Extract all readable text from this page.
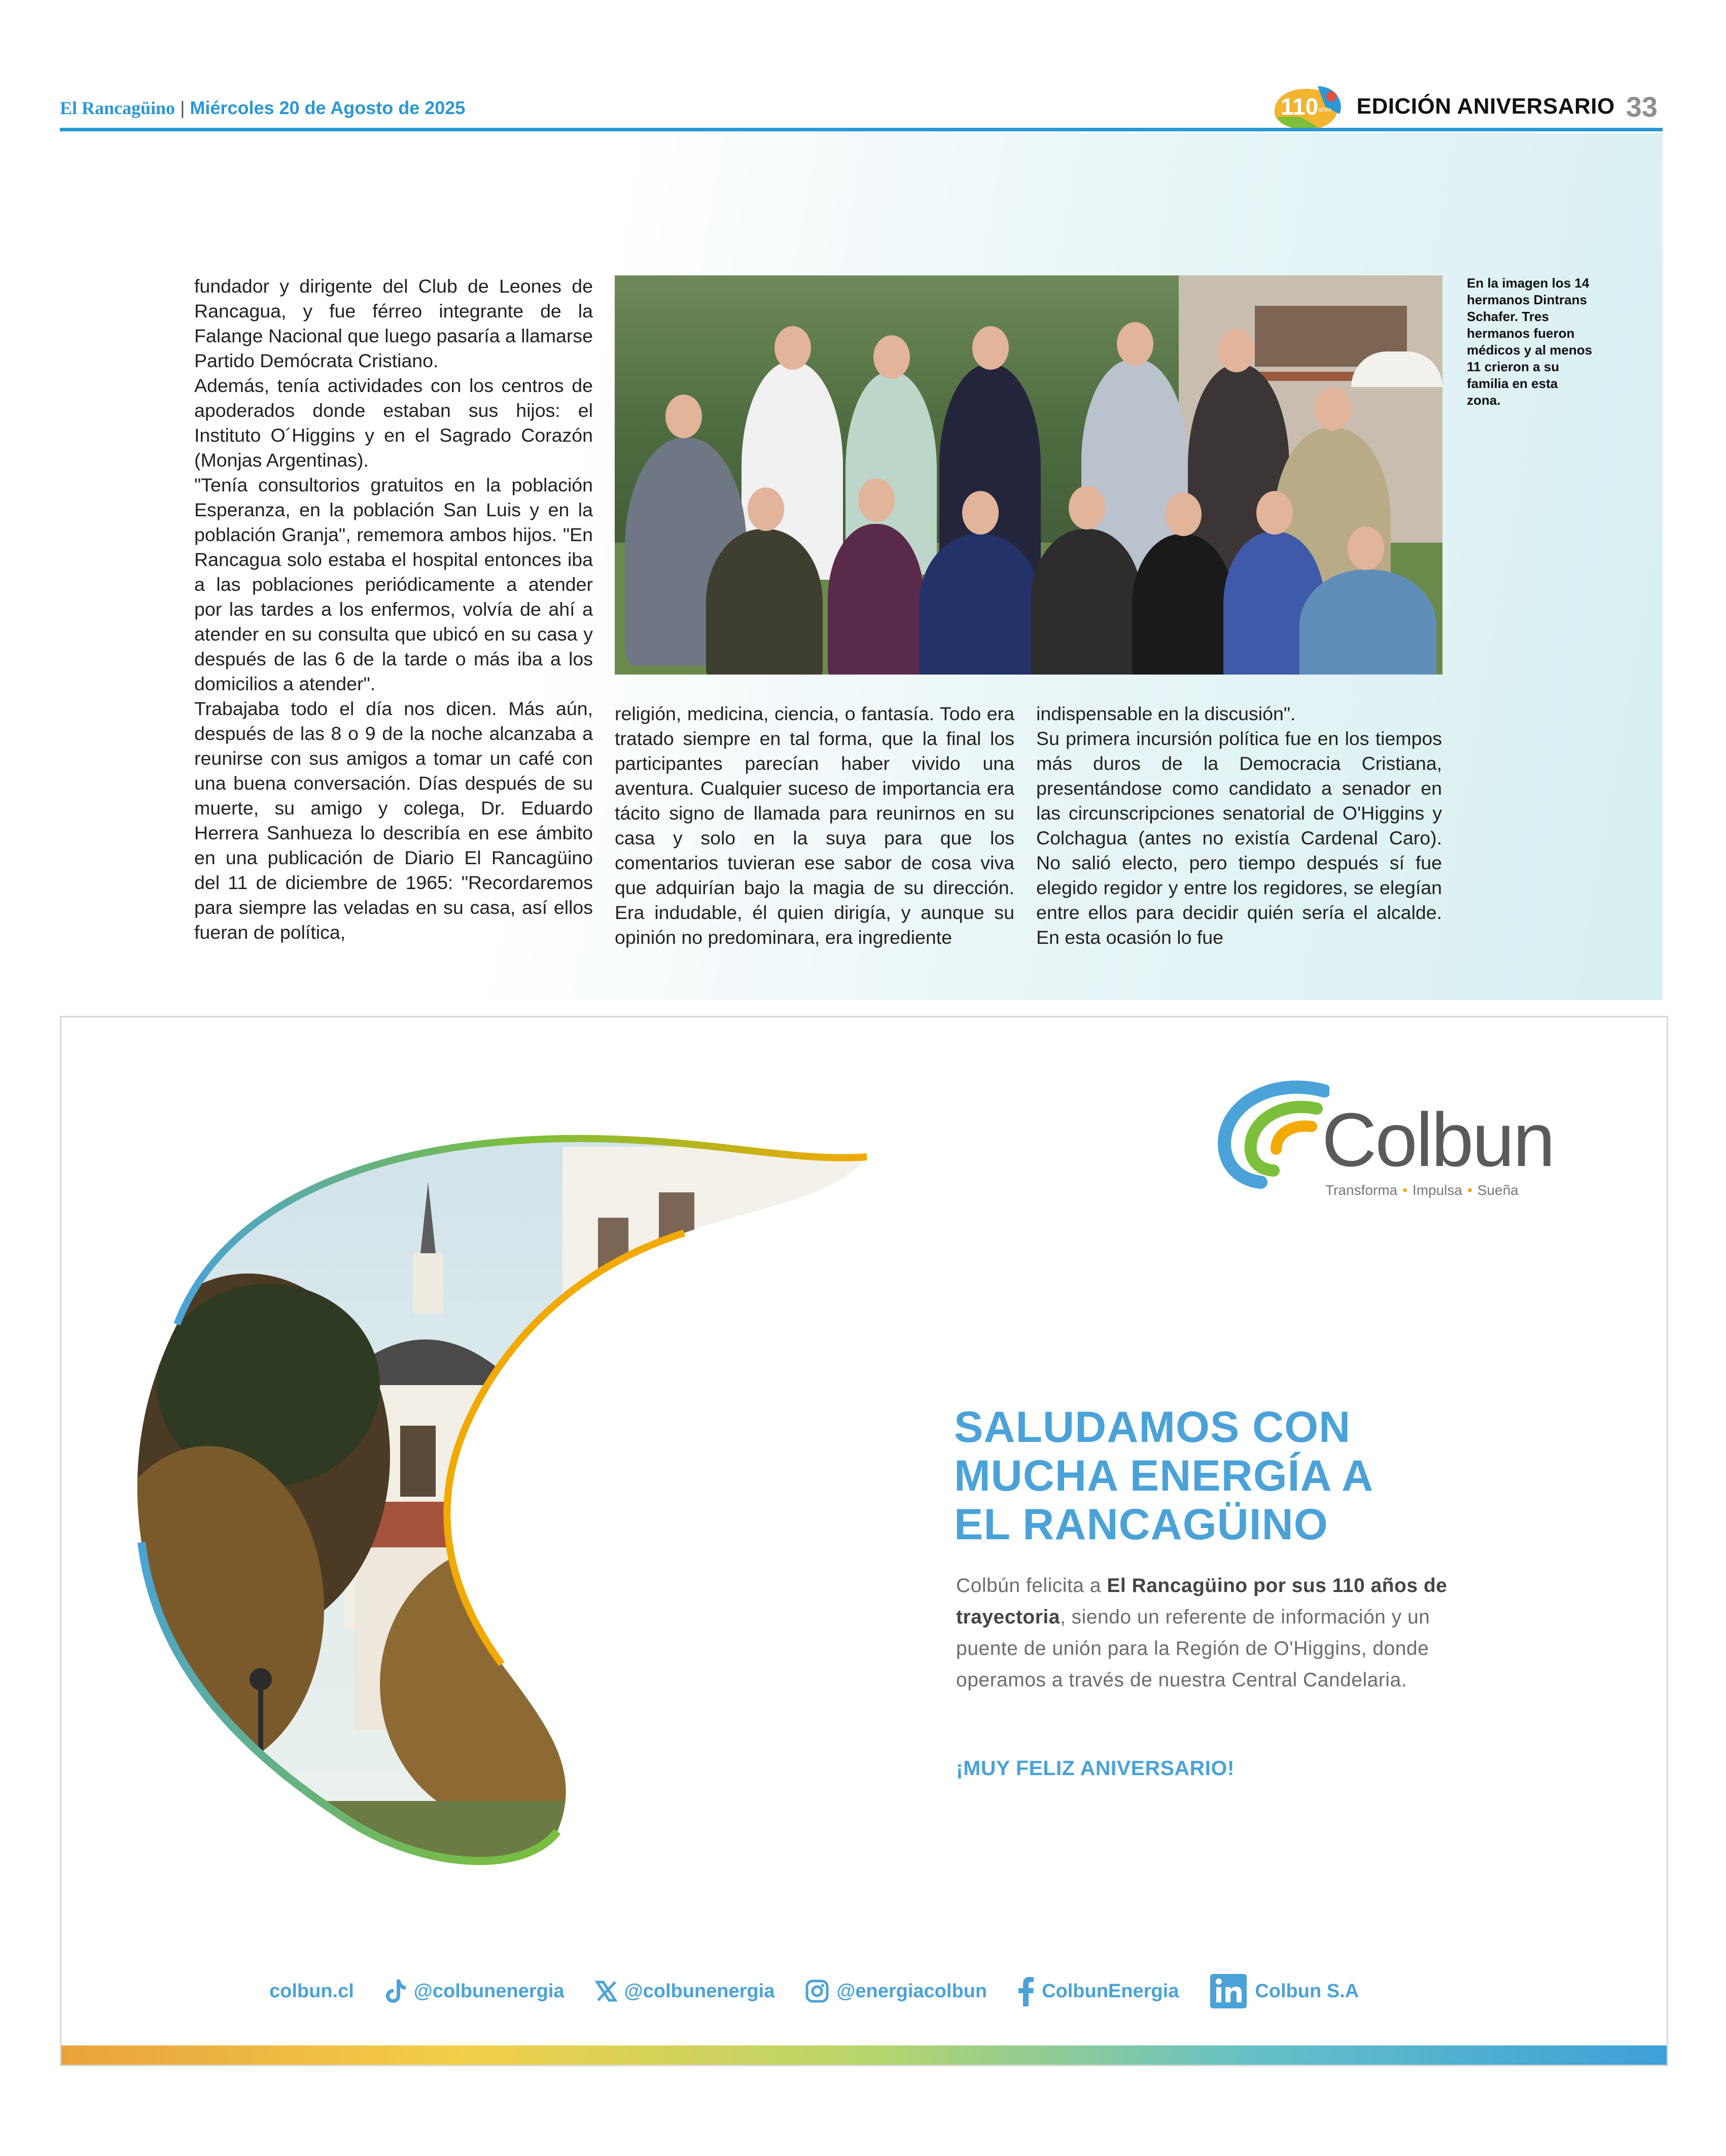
El Rancagüino | Miércoles 20 de Agosto de 2025	110 años EDICIÓN ANIVERSARIO 33

fundador y dirigente del Club de Leones de Rancagua, y fue férreo integrante de la Falange Nacional que luego pasaría a llamarse Partido Demócrata Cristiano.

Además, tenía actividades con los centros de apoderados donde estaban sus hijos: el Instituto O´Higgins y en el Sagrado Corazón (Monjas Argentinas).

"Tenía consultorios gratuitos en la población Esperanza, en la población San Luis y en la población Granja", rememora ambos hijos. "En Rancagua solo estaba el hospital entonces iba a las poblaciones periódicamente a atender por las tardes a los enfermos, volvía de ahí a atender en su consulta que ubicó en su casa y después de las 6 de la tarde o más iba a los domicilios a atender".

Trabajaba todo el día nos dicen. Más aún, después de las 8 o 9 de la noche alcanzaba a reunirse con sus amigos a tomar un café con una buena conversación. Días después de su muerte, su amigo y colega, Dr. Eduardo Herrera Sanhueza lo describía en ese ámbito en una publicación de Diario El Rancagüino del 11 de diciembre de 1965: "Recordaremos para siempre las veladas en su casa, así ellos fueran de política,

En la imagen los 14 hermanos Dintrans Schafer. Tres hermanos fueron médicos y al menos 11 crieron a su familia en esta zona.

religión, medicina, ciencia, o fantasía. Todo era tratado siempre en tal forma, que la final los participantes parecían haber vivido una aventura. Cualquier suceso de importancia era tácito signo de llamada para reunirnos en su casa y solo en la suya para que los comentarios tuvieran ese sabor de cosa viva que adquirían bajo la magia de su dirección. Era indudable, él quien dirigía, y aunque su opinión no predominara, era ingrediente

indispensable en la discusión".

Su primera incursión política fue en los tiempos más duros de la Democracia Cristiana, presentándose como candidato a senador en las circunscripciones senatorial de O'Higgins y Colchagua (antes no existía Cardenal Caro). No salió electo, pero tiempo después sí fue elegido regidor y entre los regidores, se elegían entre ellos para decidir quién sería el alcalde. En esta ocasión lo fue

Colbun
Transforma • Impulsa • Sueña
SALUDAMOS CON
MUCHA ENERGÍA A
EL RANCAGÜINO
Colbún felicita a El Rancagüino por sus 110 años de trayectoria, siendo un referente de información y un puente de unión para la Región de O'Higgins, donde operamos a través de nuestra Central Candelaria.
¡MUY FELIZ ANIVERSARIO!
colbun.cl	@colbunenergia	@colbunenergia	@energiacolbun	ColbunEnergia	Colbun S.A
